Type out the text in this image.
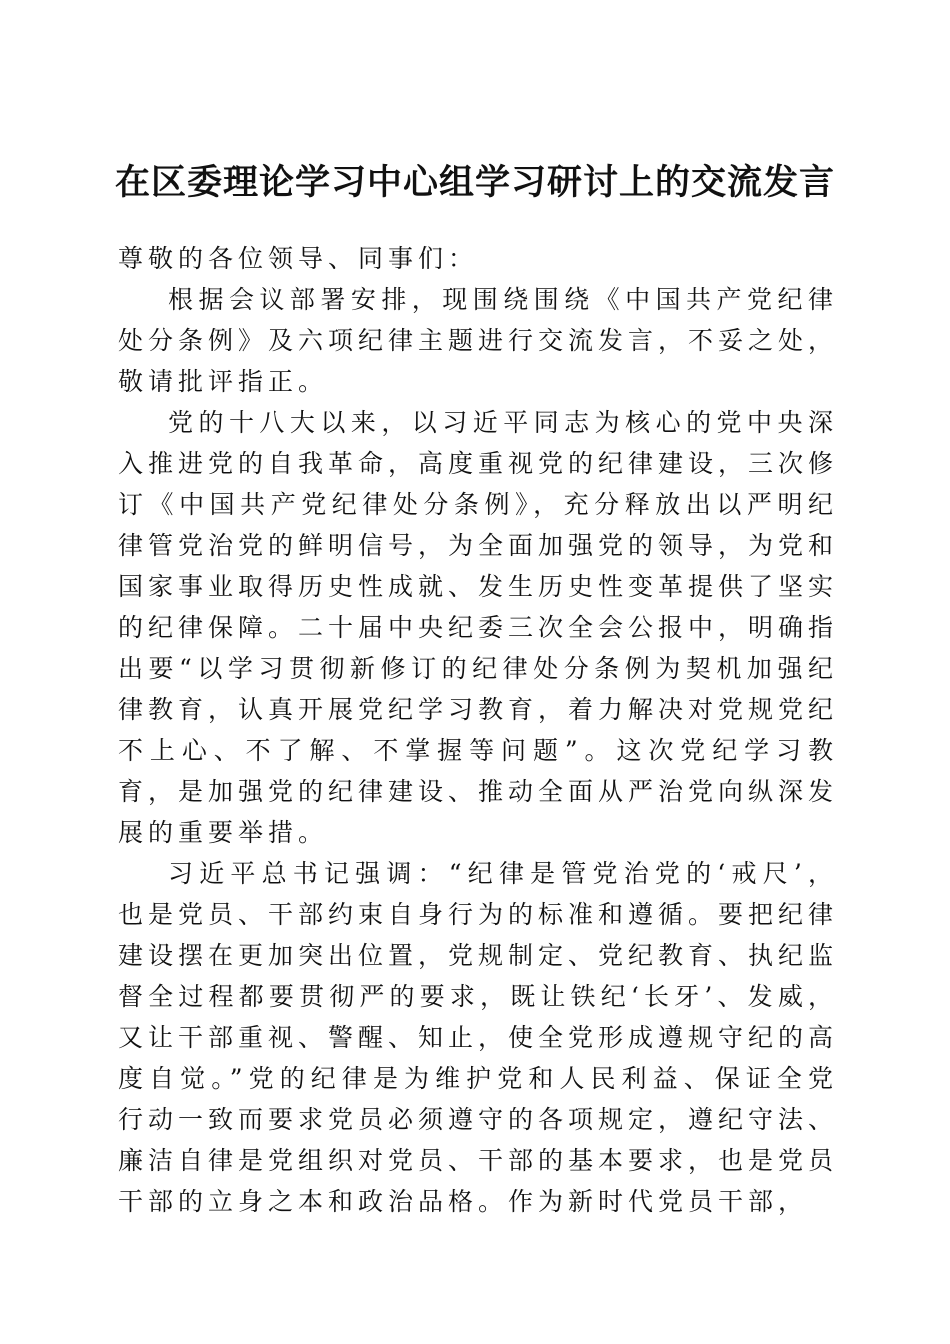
在区委理论学习中心组学习研讨上的交流发言

尊敬的各位领导、同事们：

根据会议部署安排，现围绕围绕《中国共产党纪律处分条例》及六项纪律主题进行交流发言，不妥之处，敬请批评指正。

党的十八大以来，以习近平同志为核心的党中央深入推进党的自我革命，高度重视党的纪律建设，三次修订《中国共产党纪律处分条例》，充分释放出以严明纪律管党治党的鲜明信号，为全面加强党的领导，为党和国家事业取得历史性成就、发生历史性变革提供了坚实的纪律保障。二十届中央纪委三次全会公报中，明确指出要“以学习贯彻新修订的纪律处分条例为契机加强纪律教育，认真开展党纪学习教育，着力解决对党规党纪不上心、不了解、不掌握等问题”。这次党纪学习教育，是加强党的纪律建设、推动全面从严治党向纵深发展的重要举措。

习近平总书记强调：“纪律是管党治党的‘戒尺’，也是党员、干部约束自身行为的标准和遵循。要把纪律建设摆在更加突出位置，党规制定、党纪教育、执纪监督全过程都要贯彻严的要求，既让铁纪‘长牙’、发威，又让干部重视、警醒、知止，使全党形成遵规守纪的高度自觉。”党的纪律是为维护党和人民利益、保证全党行动一致而要求党员必须遵守的各项规定，遵纪守法、廉洁自律是党组织对党员、干部的基本要求，也是党员干部的立身之本和政治品格。作为新时代党员干部，
